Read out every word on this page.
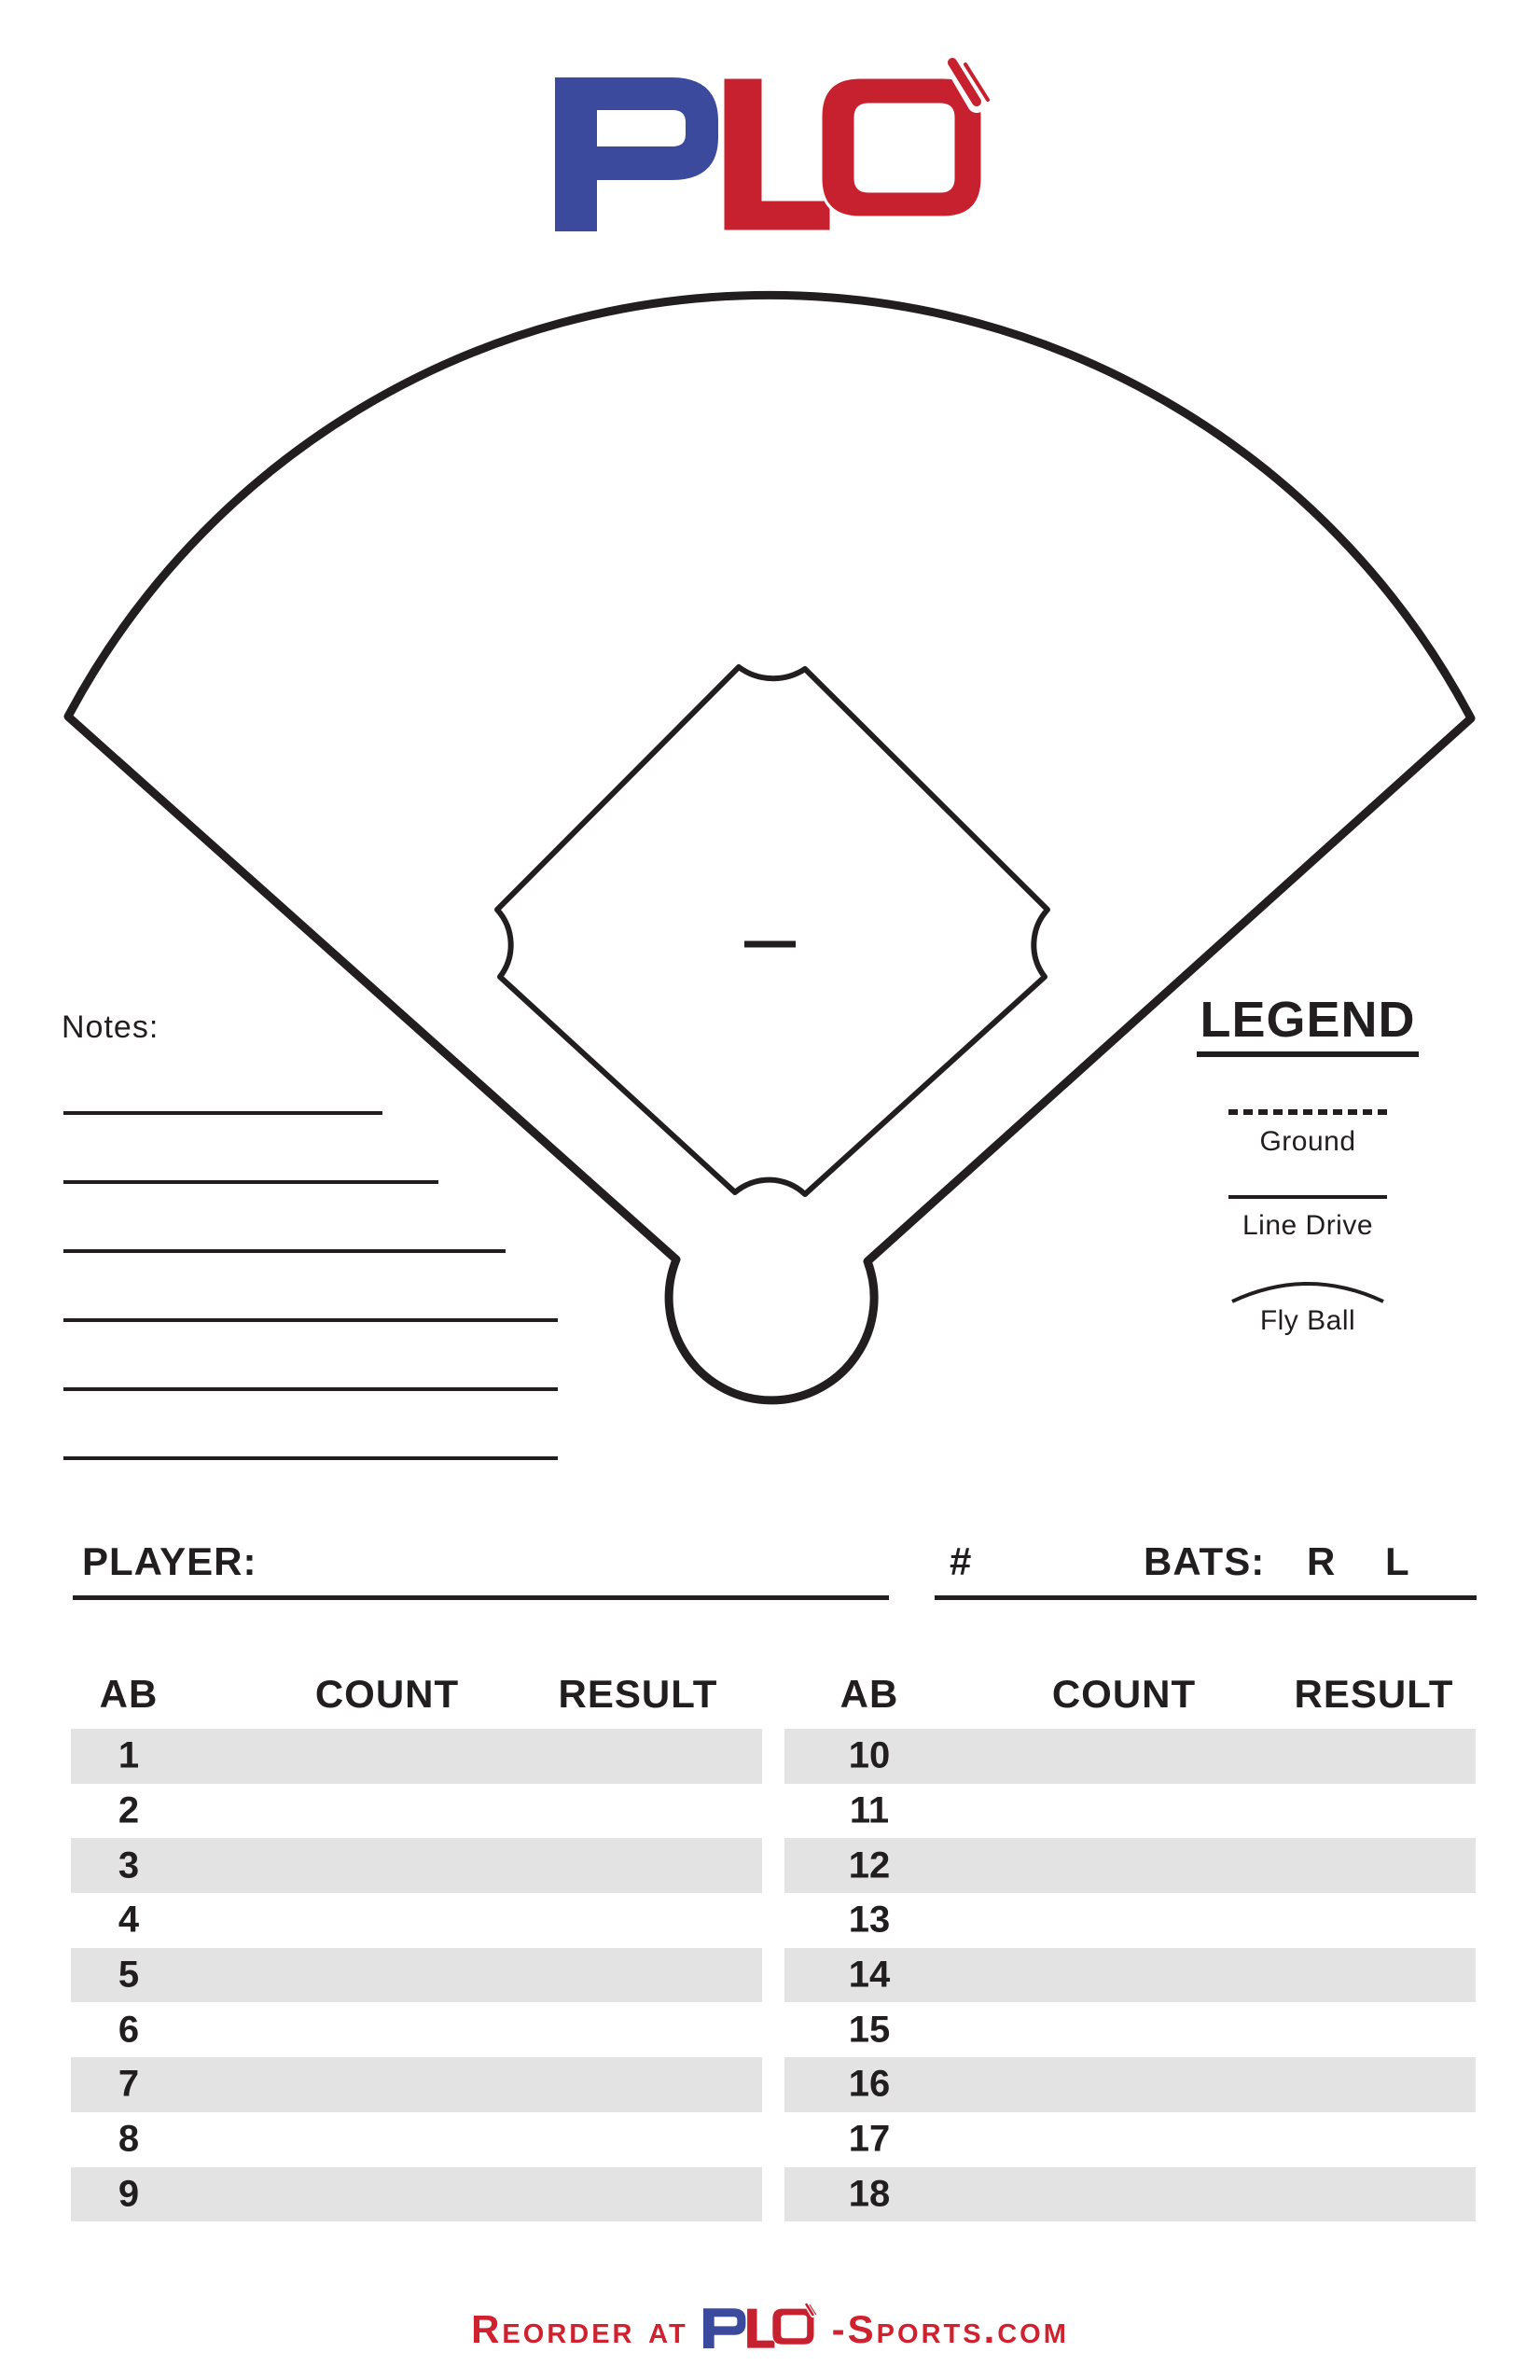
Notes:	LEGEND
Ground
Line Drive
Fly Ball
PLAYER:	#	BATS: R L
AB	COUNT	RESULT
1
2
3
4
5
6
7
8
9
AB	COUNT	RESULT
10
11
12
13
14
15
16
17
18
Reorder at	-Sports.com
